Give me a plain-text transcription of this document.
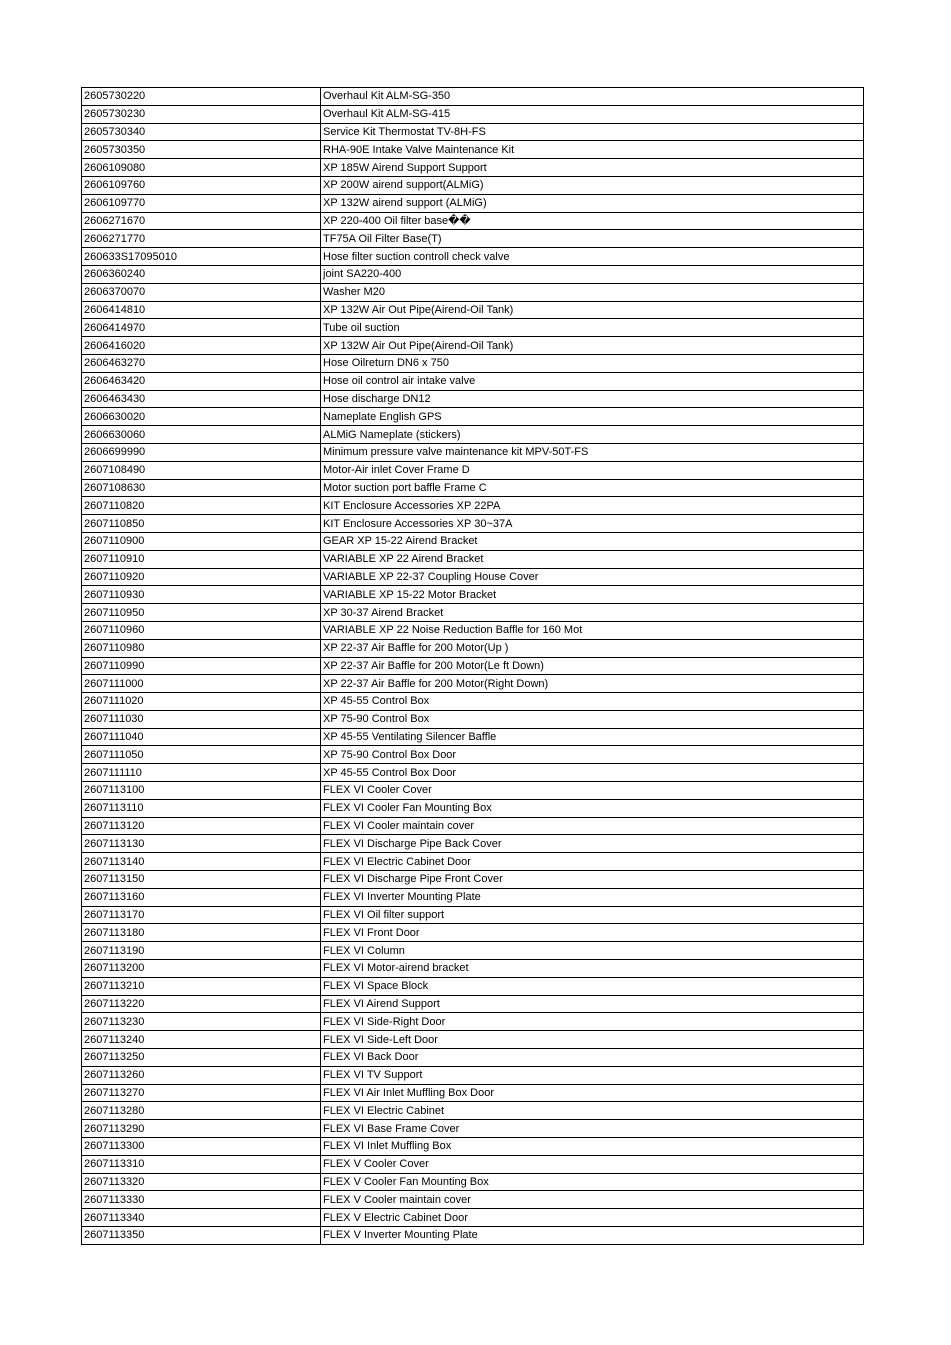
2605730220	Overhaul Kit ALM-SG-350
2605730230	Overhaul Kit ALM-SG-415
2605730340	Service Kit Thermostat TV-8H-FS
2605730350	RHA-90E Intake Valve Maintenance Kit
2606109080	XP 185W Airend Support Support
2606109760	XP 200W airend support(ALMiG)
2606109770	XP 132W airend support (ALMiG)
2606271670	XP 220-400 Oil filter base��
2606271770	TF75A Oil Filter Base(T)
260633S17095010	Hose filter suction controll check valve
2606360240	joint SA220-400
2606370070	Washer M20
2606414810	XP 132W Air Out Pipe(Airend-Oil Tank)
2606414970	Tube oil suction
2606416020	XP 132W Air Out Pipe(Airend-Oil Tank)
2606463270	Hose Oilreturn DN6 x 750
2606463420	Hose oil control air intake valve
2606463430	Hose discharge DN12
2606630020	Nameplate English GPS
2606630060	ALMiG Nameplate (stickers)
2606699990	Minimum pressure valve maintenance kit MPV-50T-FS
2607108490	Motor-Air inlet Cover Frame D
2607108630	Motor suction port baffle Frame C
2607110820	KIT Enclosure Accessories XP 22PA
2607110850	KIT Enclosure Accessories XP 30~37A
2607110900	GEAR XP 15-22 Airend Bracket
2607110910	VARIABLE XP 22 Airend Bracket
2607110920	VARIABLE XP 22-37 Coupling House Cover
2607110930	VARIABLE XP 15-22 Motor Bracket
2607110950	XP 30-37 Airend Bracket
2607110960	VARIABLE XP 22 Noise Reduction Baffle for 160 Mot
2607110980	XP 22-37 Air Baffle for 200 Motor(Up )
2607110990	XP 22-37 Air Baffle for 200 Motor(Le ft Down)
2607111000	XP 22-37 Air Baffle for 200 Motor(Right Down)
2607111020	XP 45-55 Control Box
2607111030	XP 75-90 Control Box
2607111040	XP 45-55 Ventilating Silencer Baffle
2607111050	XP 75-90 Control Box Door
2607111110	XP 45-55 Control Box Door
2607113100	FLEX VI Cooler Cover
2607113110	FLEX VI Cooler Fan Mounting Box
2607113120	FLEX VI Cooler maintain cover
2607113130	FLEX VI Discharge Pipe Back Cover
2607113140	FLEX VI Electric Cabinet Door
2607113150	FLEX VI Discharge Pipe Front Cover
2607113160	FLEX VI Inverter Mounting Plate
2607113170	FLEX VI Oil filter support
2607113180	FLEX VI Front Door
2607113190	FLEX VI Column
2607113200	FLEX VI Motor-airend bracket
2607113210	FLEX VI Space Block
2607113220	FLEX VI Airend Support
2607113230	FLEX VI Side-Right Door
2607113240	FLEX VI Side-Left Door
2607113250	FLEX VI Back Door
2607113260	FLEX VI TV Support
2607113270	FLEX VI Air Inlet Muffling Box Door
2607113280	FLEX VI Electric Cabinet
2607113290	FLEX VI Base Frame Cover
2607113300	FLEX VI Inlet Muffling Box
2607113310	FLEX V Cooler Cover
2607113320	FLEX V Cooler Fan Mounting Box
2607113330	FLEX V Cooler maintain cover
2607113340	FLEX V Electric Cabinet Door
2607113350	FLEX V Inverter Mounting Plate
